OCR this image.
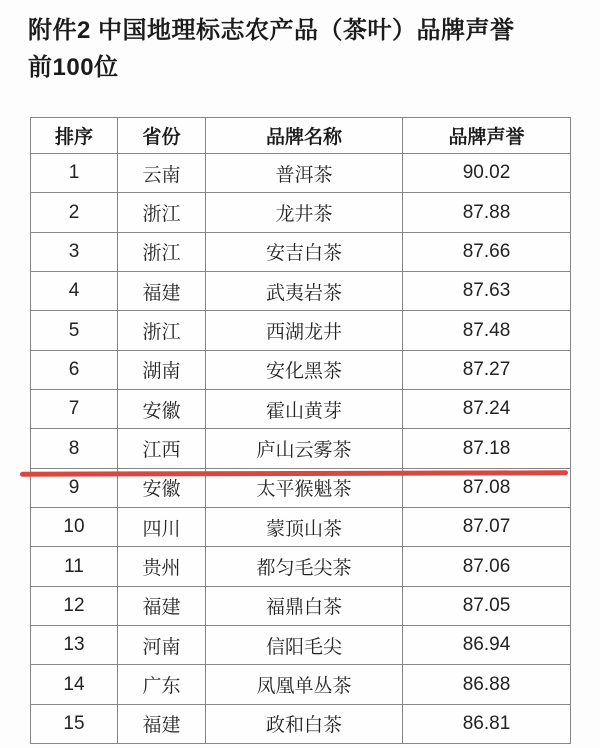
附件2 中国地理标志农产品（茶叶）品牌声誉
前100位
排序	省份	品牌名称	品牌声誉
1	云南	普洱茶	90.02
2	浙江	龙井茶	87.88
3	浙江	安吉白茶	87.66
4	福建	武夷岩茶	87.63
5	浙江	西湖龙井	87.48
6	湖南	安化黑茶	87.27
7	安徽	霍山黄芽	87.24
8	江西	庐山云雾茶	87.18
9	安徽	太平猴魁茶	87.08
10	四川	蒙顶山茶	87.07
11	贵州	都匀毛尖茶	87.06
12	福建	福鼎白茶	87.05
13	河南	信阳毛尖	86.94
14	广东	凤凰单丛茶	86.88
15	福建	政和白茶	86.81
